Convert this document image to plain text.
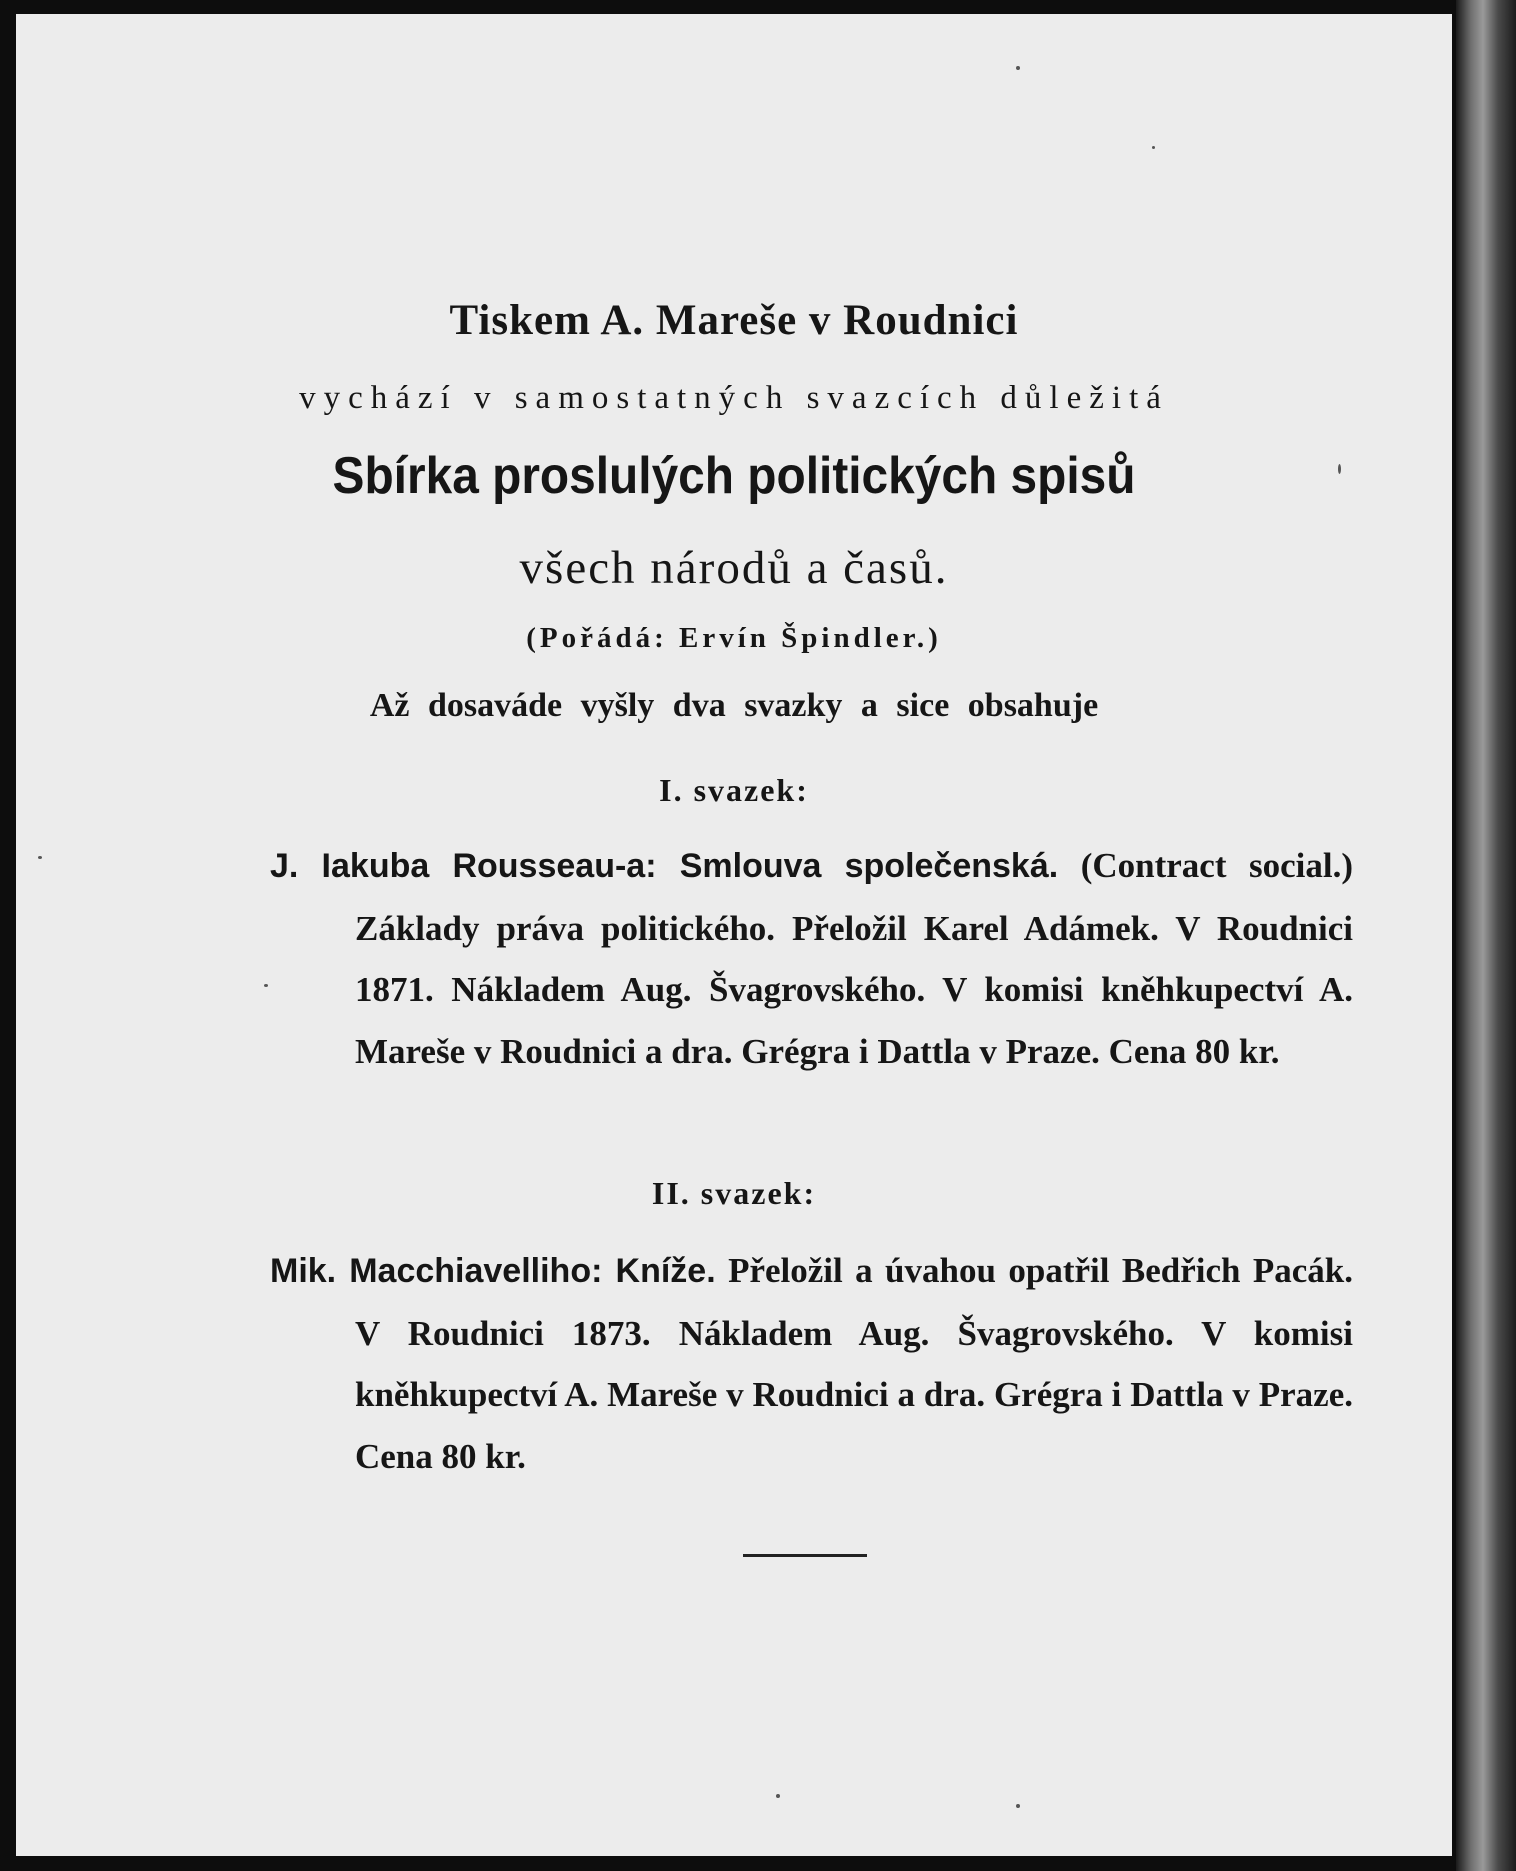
Tiskem A. Mareše v Roudnici
vychází v samostatných svazcích důležitá
Sbírka proslulých politických spisů
všech národů a časů.
(Pořádá: Ervín Špindler.)
Až dosaváde vyšly dva svazky a sice obsahuje
I. svazek:
J. Iakuba Rousseau-a: Smlouva společenská. (Contract social.) Základy práva politického. Přeložil Karel Adámek. V Roudnici 1871. Nákladem Aug. Švagrovského. V komisi kněhkupectví A. Mareše v Roudnici a dra. Grégra i Dattla v Praze. Cena 80 kr.
II. svazek:
Mik. Macchiavelliho: Kníže. Přeložil a úvahou opatřil Bedřich Pacák. V Roudnici 1873. Nákladem Aug. Švagrovského. V komisi kněhkupectví A. Mareše v Roudnici a dra. Grégra i Dattla v Praze. Cena 80 kr.
